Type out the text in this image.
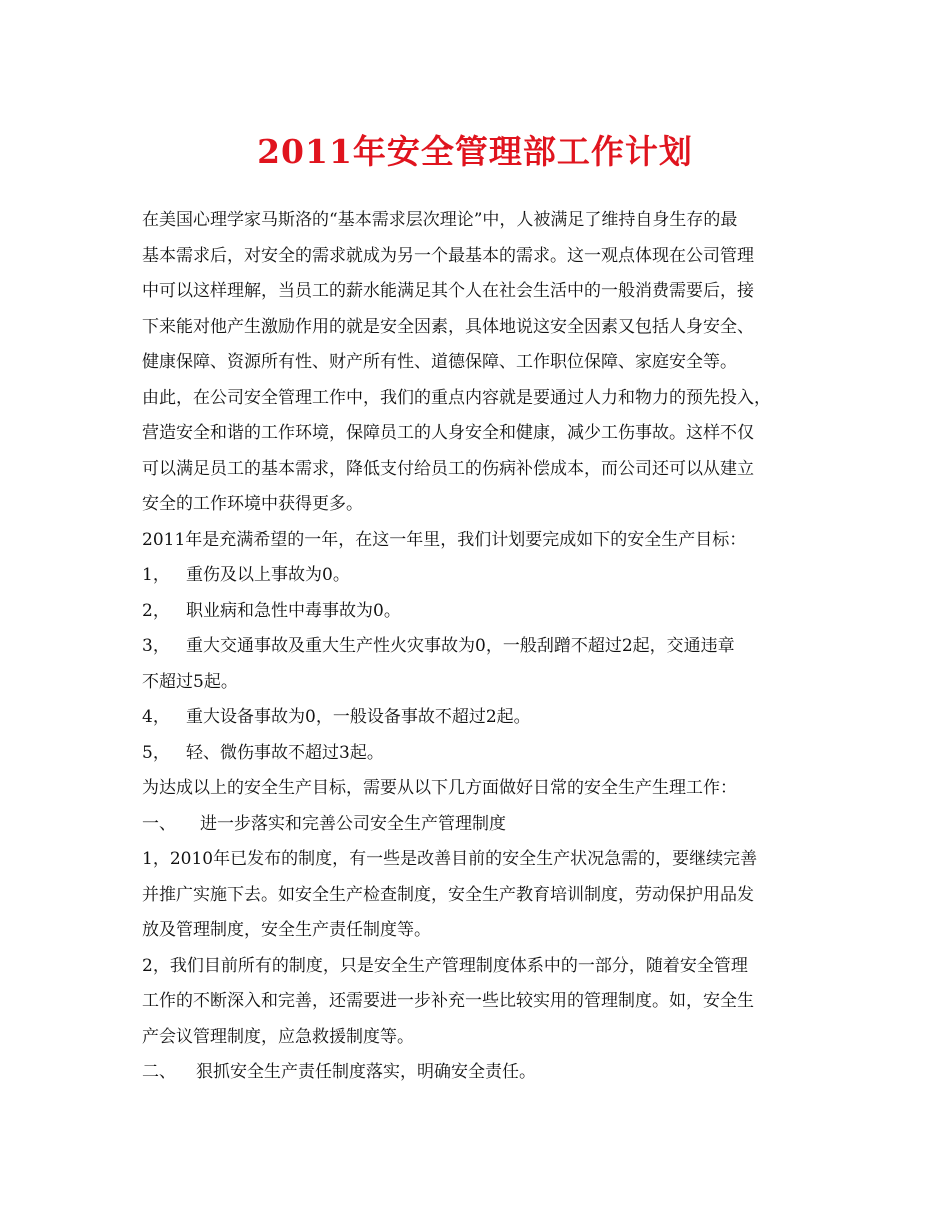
2011年安全管理部工作计划
在美国心理学家马斯洛的“基本需求层次理论”中，人被满足了维持自身生存的最
基本需求后，对安全的需求就成为另一个最基本的需求。这一观点体现在公司管理
中可以这样理解，当员工的薪水能满足其个人在社会生活中的一般消费需要后，接
下来能对他产生激励作用的就是安全因素，具体地说这安全因素又包括人身安全、
健康保障、资源所有性、财产所有性、道德保障、工作职位保障、家庭安全等。
由此，在公司安全管理工作中，我们的重点内容就是要通过人力和物力的预先投入，
营造安全和谐的工作环境，保障员工的人身安全和健康，减少工伤事故。这样不仅
可以满足员工的基本需求，降低支付给员工的伤病补偿成本，而公司还可以从建立
安全的工作环境中获得更多。
2011年是充满希望的一年，在这一年里，我们计划要完成如下的安全生产目标：
1， 重伤及以上事故为0。
2， 职业病和急性中毒事故为0。
3， 重大交通事故及重大生产性火灾事故为0，一般刮蹭不超过2起，交通违章
不超过5起。
4， 重大设备事故为0，一般设备事故不超过2起。
5， 轻、微伤事故不超过3起。
为达成以上的安全生产目标，需要从以下几方面做好日常的安全生产生理工作：
一、 进一步落实和完善公司安全生产管理制度
1，2010年已发布的制度，有一些是改善目前的安全生产状况急需的，要继续完善
并推广实施下去。如安全生产检查制度，安全生产教育培训制度，劳动保护用品发
放及管理制度，安全生产责任制度等。
2，我们目前所有的制度，只是安全生产管理制度体系中的一部分，随着安全管理
工作的不断深入和完善，还需要进一步补充一些比较实用的管理制度。如，安全生
产会议管理制度，应急救援制度等。
二、 狠抓安全生产责任制度落实，明确安全责任。
